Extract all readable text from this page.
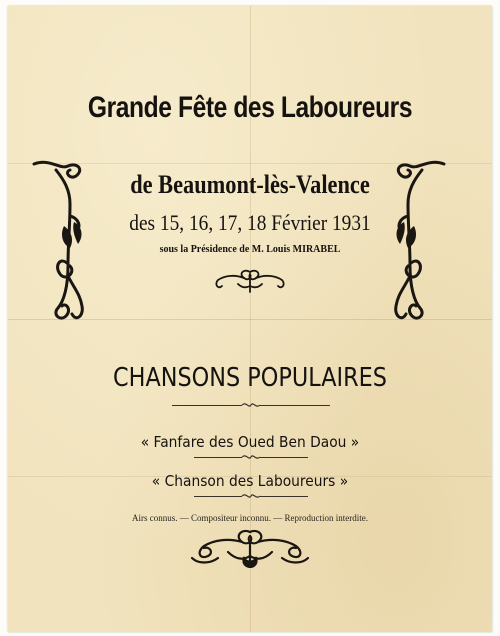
Grande Fête des Laboureurs
de Beaumont-lès-Valence
des 15, 16, 17, 18 Février 1931
sous la Présidence de M. Louis MIRABEL
CHANSONS POPULAIRES
« Fanfare des Oued Ben Daou »
« Chanson des Laboureurs »
Airs connus. — Compositeur inconnu. — Reproduction interdite.
